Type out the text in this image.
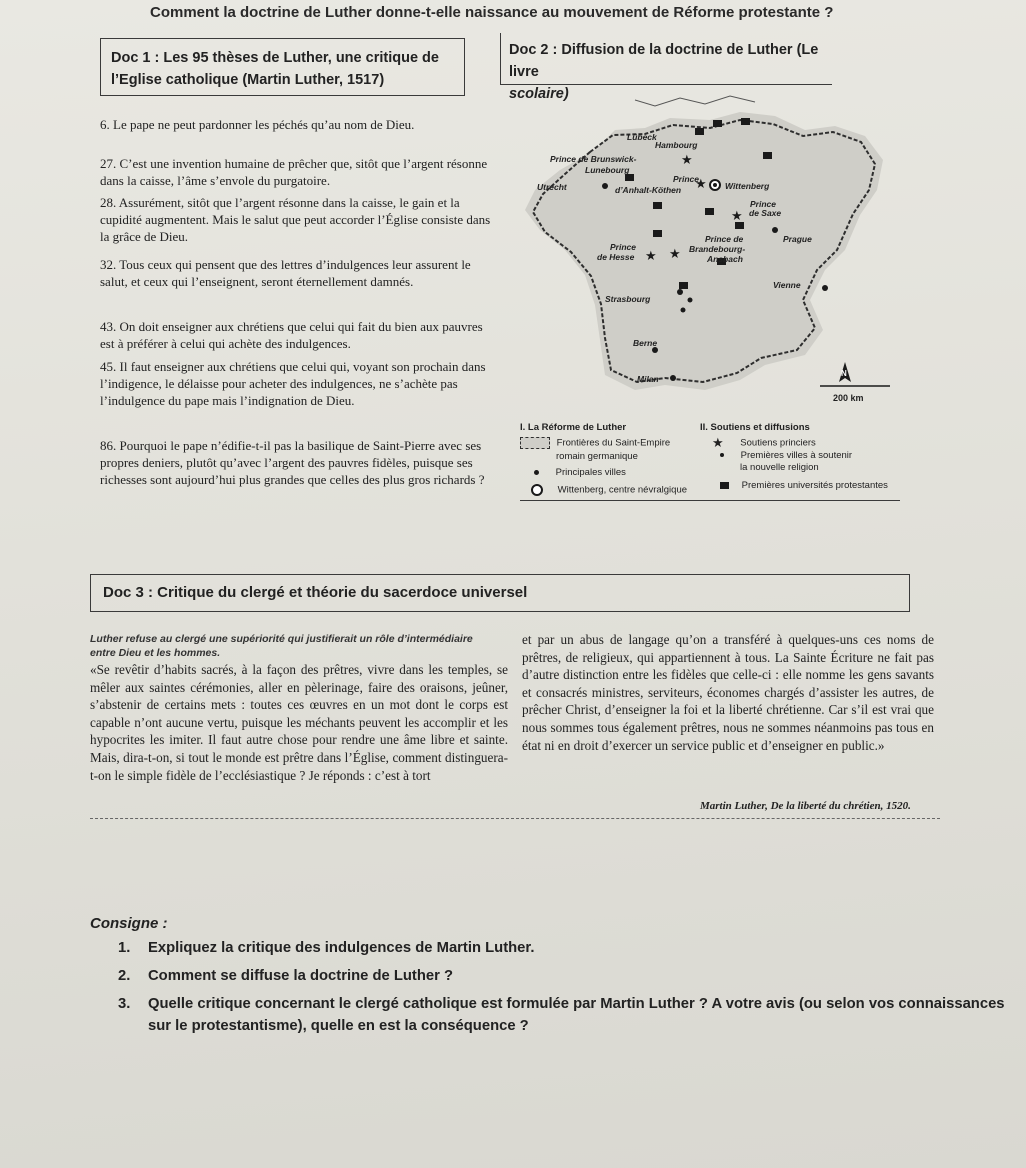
Comment la doctrine de Luther donne-t-elle naissance au mouvement de Réforme protestante ?
Doc 1 : Les 95 thèses de Luther, une critique de
l’Eglise catholique (Martin Luther, 1517)
6. Le pape ne peut pardonner les péchés qu’au nom de Dieu.
27. C’est une invention humaine de prêcher que, sitôt que l’argent résonne dans la caisse, l’âme s’envole du purgatoire.
28. Assurément, sitôt que l’argent résonne dans la caisse, le gain et la cupidité augmentent. Mais le salut que peut accorder l’Église consiste dans la grâce de Dieu.
32. Tous ceux qui pensent que des lettres d’indulgences leur assurent le salut, et ceux qui l’enseignent, seront éternellement damnés.
43. On doit enseigner aux chrétiens que celui qui fait du bien aux pauvres est à préférer à celui qui achète des indulgences.
45. Il faut enseigner aux chrétiens que celui qui, voyant son prochain dans l’indigence, le délaisse pour acheter des indulgences, ne s’achète pas l’indulgence du pape mais l’indignation de Dieu.
86. Pourquoi le pape n’édifie-t-il pas la basilique de Saint-Pierre avec ses propres deniers, plutôt qu’avec l’argent des pauvres fidèles, puisque ses richesses sont aujourd’hui plus grandes que celles des plus gros richards ?
Doc 2 : Diffusion de la doctrine de Luther (Le livre
scolaire)
★
★
★
★ ★
Lübeck
Hambourg
Prince de Brunswick-
Lunebourg
Utrecht
Prince
d’Anhalt-Köthen	Wittenberg
Prince
de Saxe
Prague
Prince de
Brandebourg-
Ansbach
Prince
de Hesse
Vienne
Strasbourg
Berne
Milan
N
200 km
I. La Réforme de Luther
Frontières du Saint-Empire
romain germanique
Principales villes
Wittenberg, centre névralgique
II. Soutiens et diffusions
★ Soutiens princiers
Premières villes à soutenir
la nouvelle religion
Premières universités protestantes
Doc 3 : Critique du clergé et théorie du sacerdoce universel
Luther refuse au clergé une supériorité qui justifierait un rôle d’intermédiaire entre Dieu et les hommes.
«Se revêtir d’habits sacrés, à la façon des prêtres, vivre dans les temples, se mêler aux saintes cérémonies, aller en pèlerinage, faire des oraisons, jeûner, s’abstenir de certains mets : toutes ces œuvres en un mot dont le corps est capable n’ont aucune vertu, puisque les méchants peuvent les accomplir et les hypocrites les imiter. Il faut autre chose pour rendre une âme libre et sainte. Mais, dira-t-on, si tout le monde est prêtre dans l’Église, comment distinguera-t-on le simple fidèle de l’ecclésiastique ? Je réponds : c’est à tort
et par un abus de langage qu’on a transféré à quelques-uns ces noms de prêtres, de religieux, qui appartiennent à tous. La Sainte Écriture ne fait pas d’autre distinction entre les fidèles que celle-ci : elle nomme les gens savants et consacrés ministres, serviteurs, économes chargés d’assister les autres, de prêcher Christ, d’enseigner la foi et la liberté chrétienne. Car s’il est vrai que nous sommes tous également prêtres, nous ne sommes néanmoins pas tous en état ni en droit d’exercer un service public et d’enseigner en public.»
Martin Luther, De la liberté du chrétien, 1520.
Consigne :
1. Expliquez la critique des indulgences de Martin Luther.
2. Comment se diffuse la doctrine de Luther ?
3. Quelle critique concernant le clergé catholique est formulée par Martin Luther ? A votre avis (ou selon vos connaissances sur le protestantisme), quelle en est la conséquence ?
